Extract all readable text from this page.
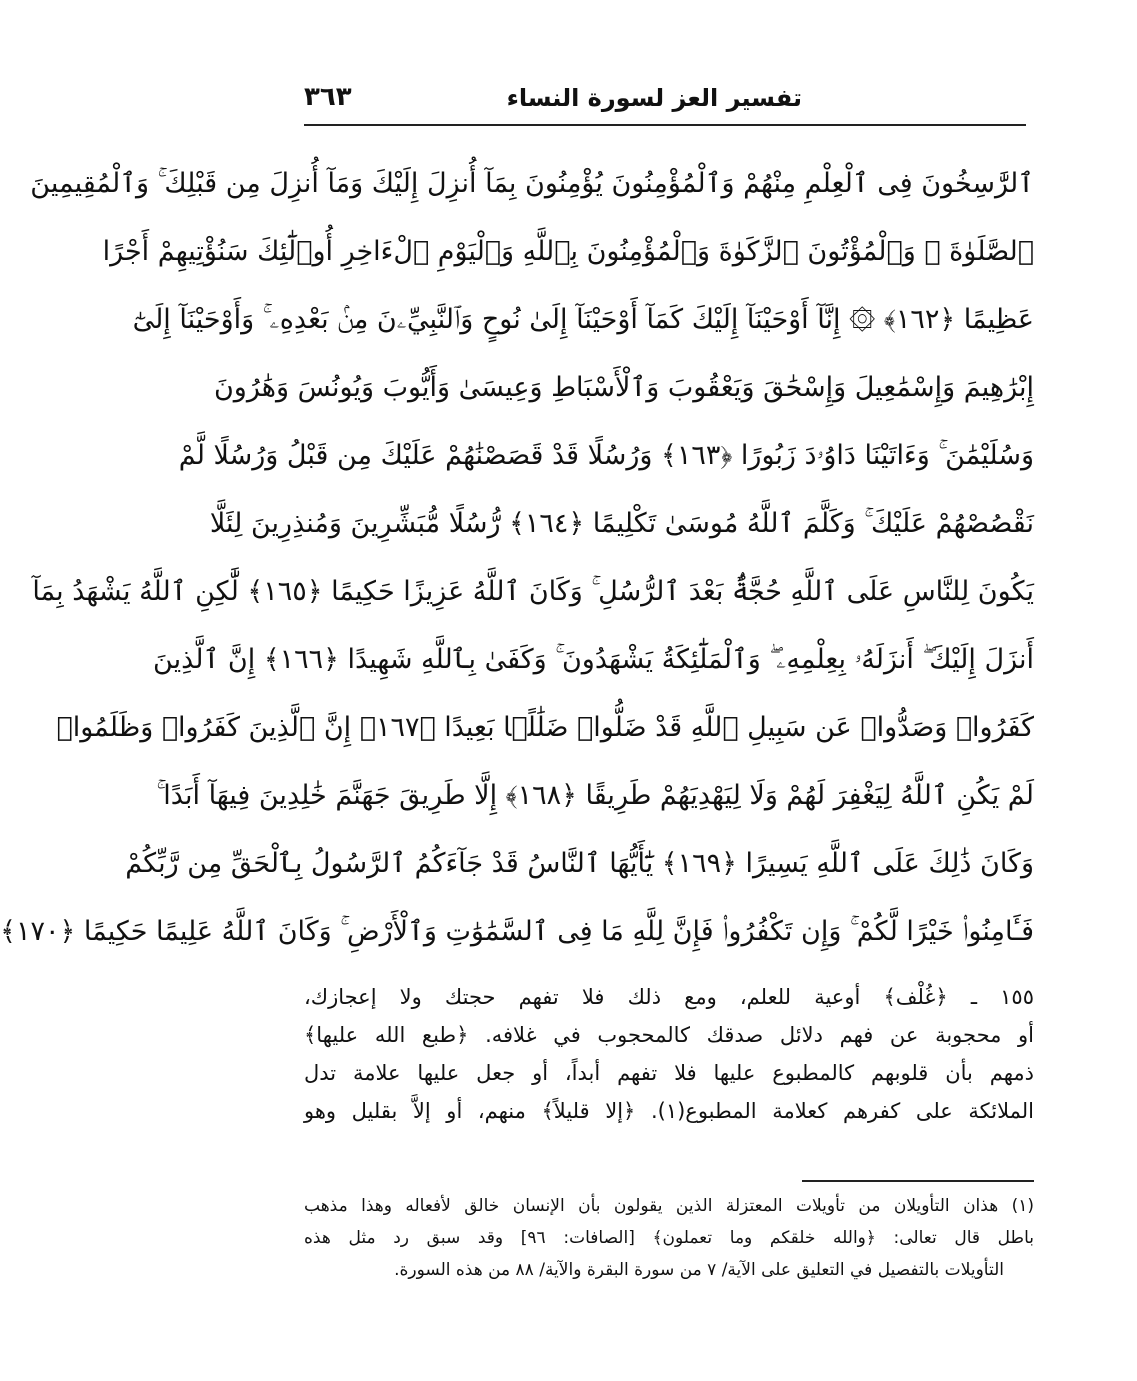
تفسير العز لسورة النساء
٣٦٣
ٱلرَّٰسِخُونَ فِى ٱلْعِلْمِ مِنْهُمْ وَٱلْمُؤْمِنُونَ يُؤْمِنُونَ بِمَآ أُنزِلَ إِلَيْكَ وَمَآ أُنزِلَ مِن قَبْلِكَ ۚ وَٱلْمُقِيمِينَ
ٱلصَّلَوٰةَ ۚ وَٱلْمُؤْتُونَ ٱلزَّكَوٰةَ وَٱلْمُؤْمِنُونَ بِٱللَّهِ وَٱلْيَوْمِ ٱلْءَاخِرِ أُو۟لَٰٓئِكَ سَنُؤْتِيهِمْ أَجْرًا
عَظِيمًا ﴿١٦٢﴾ ۞ إِنَّآ أَوْحَيْنَآ إِلَيْكَ كَمَآ أَوْحَيْنَآ إِلَىٰ نُوحٍ وَٱلنَّبِيِّۦنَ مِنۢ بَعْدِهِۦ ۚ وَأَوْحَيْنَآ إِلَىٰٓ
إِبْرَٰهِيمَ وَإِسْمَٰعِيلَ وَإِسْحَٰقَ وَيَعْقُوبَ وَٱلْأَسْبَاطِ وَعِيسَىٰ وَأَيُّوبَ وَيُونُسَ وَهَٰرُونَ
وَسُلَيْمَٰنَ ۚ وَءَاتَيْنَا دَاوُۥدَ زَبُورًا ﴿١٦٣﴾ وَرُسُلًا قَدْ قَصَصْنَٰهُمْ عَلَيْكَ مِن قَبْلُ وَرُسُلًا لَّمْ
نَقْصُصْهُمْ عَلَيْكَ ۚ وَكَلَّمَ ٱللَّهُ مُوسَىٰ تَكْلِيمًا ﴿١٦٤﴾ رُّسُلًا مُّبَشِّرِينَ وَمُنذِرِينَ لِئَلَّا
يَكُونَ لِلنَّاسِ عَلَى ٱللَّهِ حُجَّةٌۢ بَعْدَ ٱلرُّسُلِ ۚ وَكَانَ ٱللَّهُ عَزِيزًا حَكِيمًا ﴿١٦٥﴾ لَّٰكِنِ ٱللَّهُ يَشْهَدُ بِمَآ
أَنزَلَ إِلَيْكَ ۖ أَنزَلَهُۥ بِعِلْمِهِۦ ۖ وَٱلْمَلَٰٓئِكَةُ يَشْهَدُونَ ۚ وَكَفَىٰ بِٱللَّهِ شَهِيدًا ﴿١٦٦﴾ إِنَّ ٱلَّذِينَ
كَفَرُوا۟ وَصَدُّوا۟ عَن سَبِيلِ ٱللَّهِ قَدْ ضَلُّوا۟ ضَلَٰلًۢا بَعِيدًا ﴿١٦٧﴾ إِنَّ ٱلَّذِينَ كَفَرُوا۟ وَظَلَمُوا۟
لَمْ يَكُنِ ٱللَّهُ لِيَغْفِرَ لَهُمْ وَلَا لِيَهْدِيَهُمْ طَرِيقًا ﴿١٦٨﴾ إِلَّا طَرِيقَ جَهَنَّمَ خَٰلِدِينَ فِيهَآ أَبَدًا ۚ
وَكَانَ ذَٰلِكَ عَلَى ٱللَّهِ يَسِيرًا ﴿١٦٩﴾ يَٰٓأَيُّهَا ٱلنَّاسُ قَدْ جَآءَكُمُ ٱلرَّسُولُ بِٱلْحَقِّ مِن رَّبِّكُمْ
فَـَٔامِنُوا۟ خَيْرًا لَّكُمْ ۚ وَإِن تَكْفُرُوا۟ فَإِنَّ لِلَّهِ مَا فِى ٱلسَّمَٰوَٰتِ وَٱلْأَرْضِ ۚ وَكَانَ ٱللَّهُ عَلِيمًا حَكِيمًا ﴿١٧٠﴾
١٥٥ ـ ﴿غُلْف﴾ أوعية للعلم، ومع ذلك فلا تفهم حجتك ولا إعجازك،
أو محجوبة عن فهم دلائل صدقك كالمحجوب في غلافه. ﴿طبع الله عليها﴾
ذمهم بأن قلوبهم كالمطبوع عليها فلا تفهم أبداً، أو جعل عليها علامة تدل
الملائكة على كفرهم كعلامة المطبوع(١). ﴿إلا قليلاً﴾ منهم، أو إلاَّ بقليل وهو
(١) هذان التأويلان من تأويلات المعتزلة الذين يقولون بأن الإنسان خالق لأفعاله وهذا مذهب
باطل قال تعالى: ﴿والله خلقكم وما تعملون﴾ [الصافات: ٩٦] وقد سبق رد مثل هذه
التأويلات بالتفصيل في التعليق على الآية/ ٧ من سورة البقرة والآية/ ٨٨ من هذه السورة.
